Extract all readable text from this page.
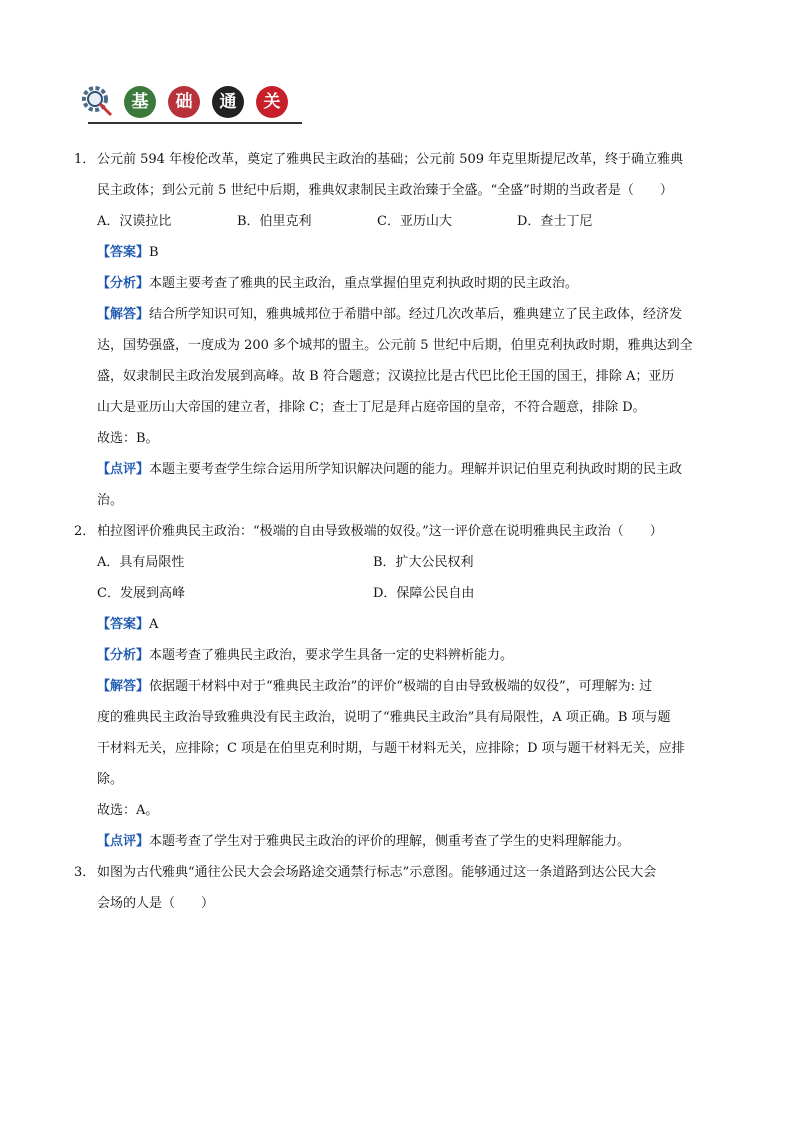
基	础	通	关
1． 公元前 594 年梭伦改革，奠定了雅典民主政治的基础；公元前 509 年克里斯提尼改革，终于确立雅典
民主政体；到公元前 5 世纪中后期，雅典奴隶制民主政治臻于全盛。“全盛”时期的当政者是（　　）
A．汉谟拉比	B．伯里克利	C．亚历山大	D．查士丁尼
【答案】B
【分析】本题主要考查了雅典的民主政治，重点掌握伯里克利执政时期的民主政治。
【解答】结合所学知识可知，雅典城邦位于希腊中部。经过几次改革后，雅典建立了民主政体，经济发
达，国势强盛，一度成为 200 多个城邦的盟主。公元前 5 世纪中后期，伯里克利执政时期，雅典达到全
盛，奴隶制民主政治发展到高峰。故 B 符合题意；汉谟拉比是古代巴比伦王国的国王，排除 A；亚历
山大是亚历山大帝国的建立者，排除 C；查士丁尼是拜占庭帝国的皇帝，不符合题意，排除 D。
故选：B。
【点评】本题主要考查学生综合运用所学知识解决问题的能力。理解并识记伯里克利执政时期的民主政
治。
2． 柏拉图评价雅典民主政治：“极端的自由导致极端的奴役。”这一评价意在说明雅典民主政治（　　）
A．具有局限性	B．扩大公民权利
C．发展到高峰	D．保障公民自由
【答案】A
【分析】本题考查了雅典民主政治，要求学生具备一定的史料辨析能力。
【解答】依据题干材料中对于“雅典民主政治”的评价“极端的自由导致极端的奴役”，可理解为: 过
度的雅典民主政治导致雅典没有民主政治，说明了“雅典民主政治”具有局限性，A 项正确。B 项与题
干材料无关，应排除；C 项是在伯里克利时期，与题干材料无关，应排除；D 项与题干材料无关，应排
除。
故选：A。
【点评】本题考查了学生对于雅典民主政治的评价的理解，侧重考查了学生的史料理解能力。
3． 如图为古代雅典“通往公民大会会场路途交通禁行标志”示意图。能够通过这一条道路到达公民大会
会场的人是（　　）
